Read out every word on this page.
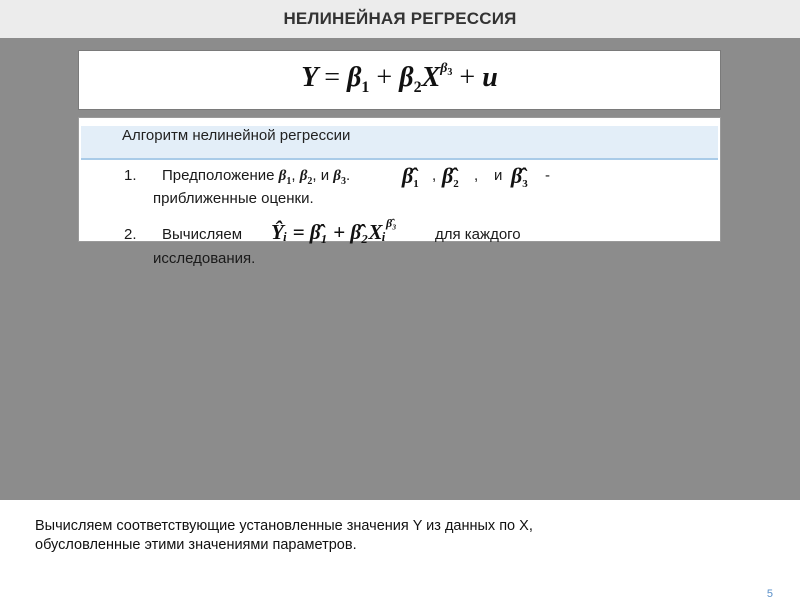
НЕЛИНЕЙНАЯ РЕГРЕССИЯ
$Y = \beta_1 + \beta_2X^{\beta_3} + u$
Алгоритм нелинейной регрессии
1. Предположение $\beta_1$, $\beta_2$, и $\beta_3$. $\betâ_1$ , $\betâ_2$ , и $\betâ_3$ -
приближенные оценки.
2. Вычисляем Ŷᵢ = β̂₁ + β̂₂Xᵢ$^{\betâ_3}$
для каждого
исследования.
Вычисляем соответствующие установленные значения Y из данных по X,
обусловленные этими значениями параметров.
5
